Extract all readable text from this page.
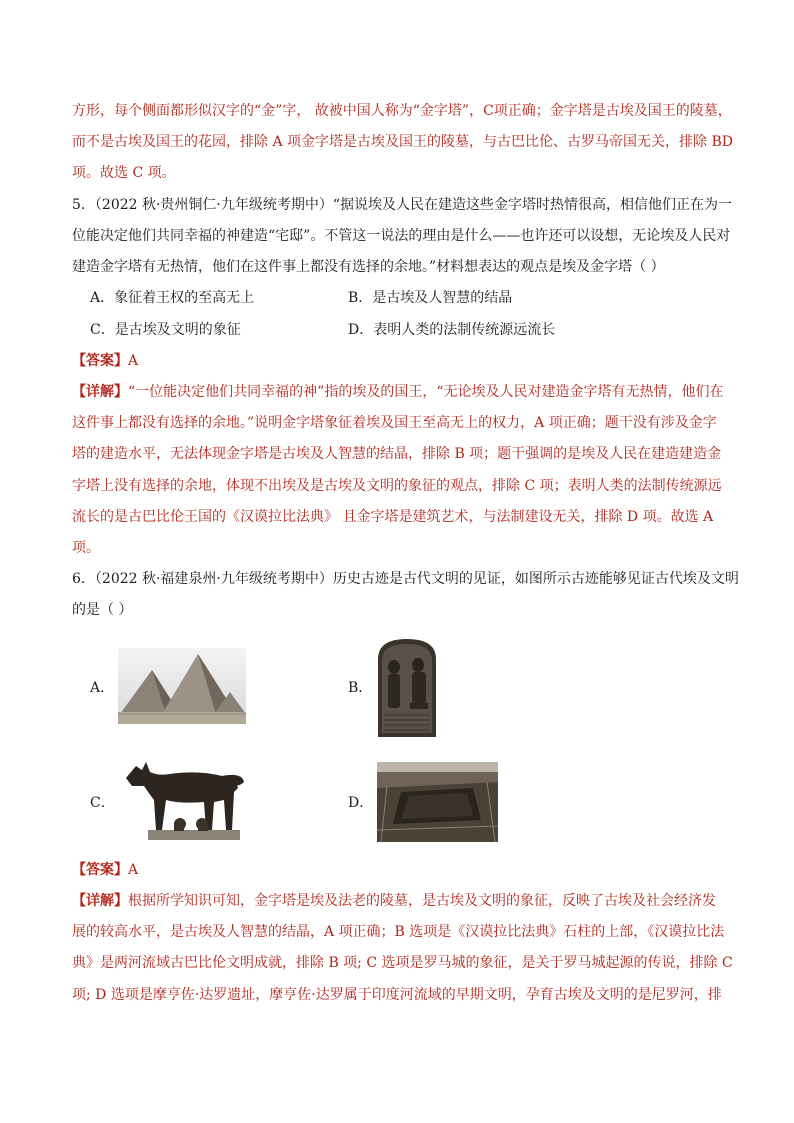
方形，每个侧面都形似汉字的“金”字， 故被中国人称为“金字塔”，C项正确；金字塔是古埃及国王的陵墓，
而不是古埃及国王的花园，排除 A 项金字塔是古埃及国王的陵墓，与古巴比伦、古罗马帝国无关，排除 BD
项。故选 C 项。
5．（2022 秋·贵州铜仁·九年级统考期中）“据说埃及人民在建造这些金字塔时热情很高，相信他们正在为一
位能决定他们共同幸福的神建造“宅邸”。不管这一说法的理由是什么——也许还可以设想，无论埃及人民对
建造金字塔有无热情，他们在这件事上都没有选择的余地。”材料想表达的观点是埃及金字塔（ ）
A．象征着王权的至高无上	B．是古埃及人智慧的结晶
C．是古埃及文明的象征	D．表明人类的法制传统源远流长
【答案】A
【详解】“一位能决定他们共同幸福的神”指的埃及的国王，“无论埃及人民对建造金字塔有无热情，他们在
这件事上都没有选择的余地。”说明金字塔象征着埃及国王至高无上的权力，A 项正确；题干没有涉及金字
塔的建造水平，无法体现金字塔是古埃及人智慧的结晶，排除 B 项；题干强调的是埃及人民在建造建造金
字塔上没有选择的余地，体现不出埃及是古埃及文明的象征的观点，排除 C 项；表明人类的法制传统源远
流长的是古巴比伦王国的《汉谟拉比法典》 且金字塔是建筑艺术，与法制建设无关，排除 D 项。故选 A
项。
6．（2022 秋·福建泉州·九年级统考期中）历史古迹是古代文明的见证，如图所示古迹能够见证古代埃及文明
的是（ ）
A．	B．
C．	D．
【答案】A
【详解】根据所学知识可知，金字塔是埃及法老的陵墓，是古埃及文明的象征，反映了古埃及社会经济发
展的较高水平，是古埃及人智慧的结晶，A 项正确；B 选项是《汉谟拉比法典》石柱的上部，《汉谟拉比法
典》是两河流域古巴比伦文明成就，排除 B 项; C 选项是罗马城的象征，是关于罗马城起源的传说，排除 C
项; D 选项是摩亨佐·达罗遗址，摩亨佐·达罗属于印度河流域的早期文明，孕育古埃及文明的是尼罗河，排
